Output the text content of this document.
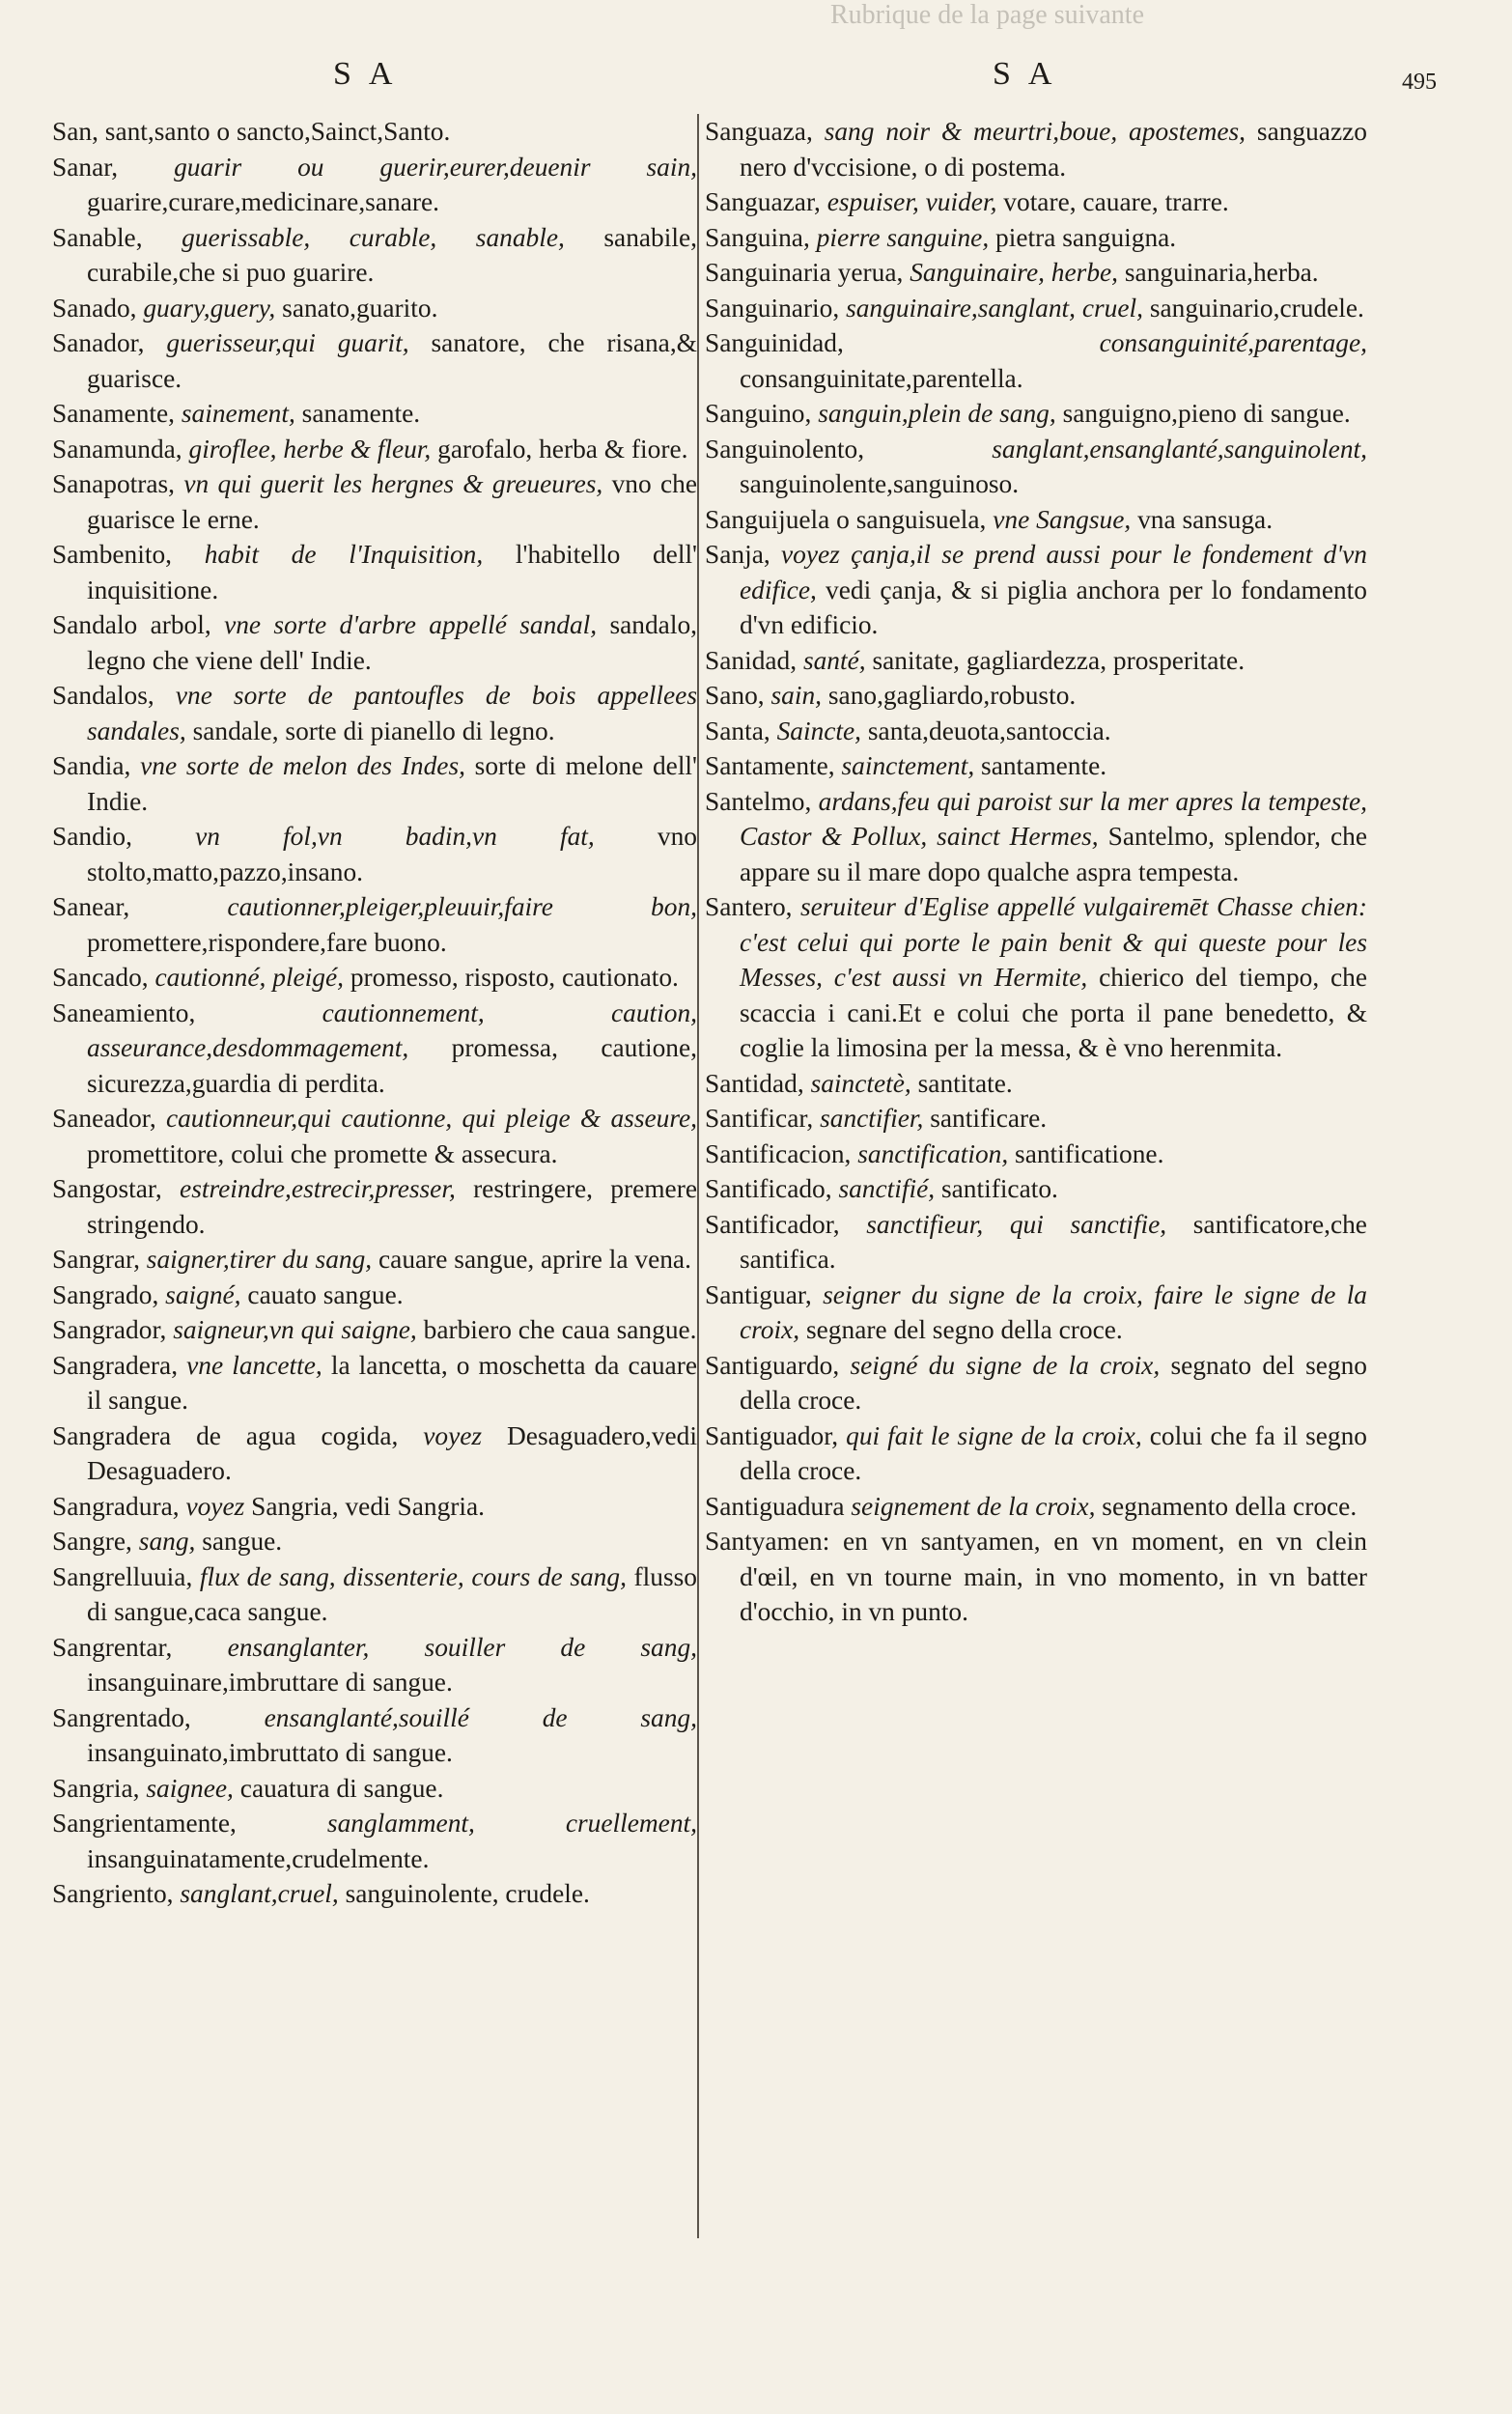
Rubrique de la page suivante
SA	SA	495

San, sant,santo o sancto,Sainct,Santo.

Sanar, guarir ou guerir,eurer,deuenir sain, guarire,curare,medicinare,sanare.

Sanable, guerissable, curable, sanable, sanabile, curabile,che si puo guarire.

Sanado, guary,guery, sanato,guarito.

Sanador, guerisseur,qui guarit, sanatore, che risana,& guarisce.

Sanamente, sainement, sanamente.

Sanamunda, giroflee, herbe & fleur, garofalo, herba & fiore.

Sanapotras, vn qui guerit les hergnes & greueures, vno che guarisce le erne.

Sambenito, habit de l'Inquisition, l'habitello dell' inquisitione.

Sandalo arbol, vne sorte d'arbre appellé sandal, sandalo, legno che viene dell' Indie.

Sandalos, vne sorte de pantoufles de bois appellees sandales, sandale, sorte di pianello di legno.

Sandia, vne sorte de melon des Indes, sorte di melone dell' Indie.

Sandio, vn fol,vn badin,vn fat, vno stolto,matto,pazzo,insano.

Sanear,	cautionner,pleiger,pleuuir,faire bon, promettere,rispondere,fare buono.

Sancado, cautionné, pleigé, promesso, risposto, cautionato.

Saneamiento,	cautionnement, caution, asseurance,desdommagement, promessa, cautione, sicurezza,guardia di perdita.

Saneador, cautionneur,qui cautionne, qui pleige & asseure, promettitore, colui che promette & assecura.

Sangostar, estreindre,estrecir,presser, restringere, premere stringendo.

Sangrar, saigner,tirer du sang, cauare sangue, aprire la vena.

Sangrado, saigné, cauato sangue.

Sangrador, saigneur,vn qui saigne, barbiero che caua sangue.

Sangradera, vne lancette, la lancetta, o moschetta da cauare il sangue.

Sangradera de agua cogida, voyez Desaguadero,vedi Desaguadero.

Sangradura, voyez Sangria, vedi Sangria.

Sangre, sang, sangue.

Sangrelluuia, flux de sang, dissenterie, cours de sang, flusso di sangue,caca sangue.

Sangrentar, ensanglanter, souiller de sang, insanguinare,imbruttare di sangue.

Sangrentado,	ensanglanté,souillé de sang, insanguinato,imbruttato di sangue.

Sangria, saignee, cauatura di sangue.

Sangrientamente,	sanglamment, cruellement, insanguinatamente,crudelmente.

Sangriento, sanglant,cruel, sanguinolente, crudele.

Sanguaza, sang noir & meurtri,boue, apostemes, sanguazzo nero d'vccisione, o di postema.

Sanguazar, espuiser, vuider, votare, cauare, trarre.

Sanguina, pierre sanguine, pietra sanguigna.

Sanguinaria yerua, Sanguinaire, herbe, sanguinaria,herba.

Sanguinario, sanguinaire,sanglant, cruel, sanguinario,crudele.

Sanguinidad,	consanguinité,parentage, consanguinitate,parentella.

Sanguino, sanguin,plein de sang, sanguigno,pieno di sangue.

Sanguinolento,	sanglant,ensanglanté,sanguinolent, sanguinolente,sanguinoso.

Sanguijuela o sanguisuela, vne Sangsue, vna sansuga.

Sanja, voyez çanja,il se prend aussi pour le fondement d'vn edifice, vedi çanja, & si piglia anchora per lo fondamento d'vn edificio.

Sanidad, santé, sanitate, gagliardezza, prosperitate.

Sano, sain, sano,gagliardo,robusto.

Santa, Saincte, santa,deuota,santoccia.

Santamente, sainctement, santamente.

Santelmo, ardans,feu qui paroist sur la mer apres la tempeste, Castor & Pollux, sainct Hermes, Santelmo, splendor, che appare su il mare dopo qualche aspra tempesta.

Santero, seruiteur d'Eglise appellé vulgairemēt Chasse chien: c'est celui qui porte le pain benit & qui queste pour les Messes, c'est aussi vn Hermite, chierico del tiempo, che scaccia i cani.Et e colui che porta il pane benedetto, & coglie la limosina per la messa, & è vno herenmita.

Santidad, sainctetè, santitate.

Santificar, sanctifier, santificare.

Santificacion, sanctification, santificatione.

Santificado, sanctifié, santificato.

Santificador, sanctifieur, qui sanctifie, santificatore,che santifica.

Santiguar, seigner du signe de la croix, faire le signe de la croix, segnare del segno della croce.

Santiguardo, seigné du signe de la croix, segnato del segno della croce.

Santiguador, qui fait le signe de la croix, colui che fa il segno della croce.

Santiguadura seignement de la croix, segnamento della croce.

Santyamen: en vn santyamen, en vn moment, en vn clein d'œil, en vn tourne main, in vno momento, in vn batter d'occhio, in vn punto.
